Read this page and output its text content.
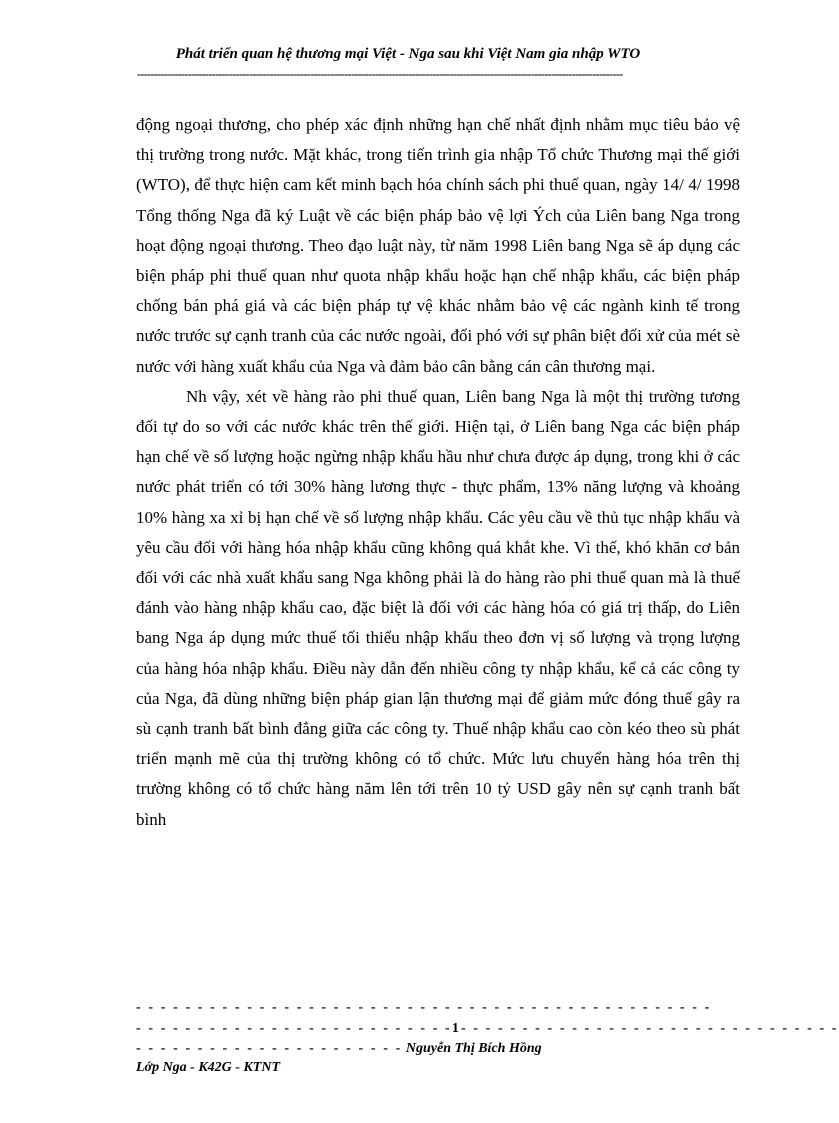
Phát triển quan hệ thương mại Việt - Nga sau khi Việt Nam gia nhập WTO
-----------------------------------------------------------------------------------------------------------------------------------------------

động ngoại thương, cho phép xác định những hạn chế nhất định nhằm mục tiêu bảo vệ thị trường trong nước. Mặt khác, trong tiến trình gia nhập Tổ chức Thương mại thế giới (WTO), để thực hiện cam kết minh bạch hóa chính sách phi thuế quan, ngày 14/ 4/ 1998 Tổng thống Nga đã ký Luật về các biện pháp bảo vệ lợi Ých của Liên bang Nga trong hoạt động ngoại thương. Theo đạo luật này, từ năm 1998 Liên bang Nga sẽ áp dụng các biện pháp phi thuế quan như quota nhập khẩu hoặc hạn chế nhập khẩu, các biện pháp chống bán phá giá và các biện pháp tự vệ khác nhằm bảo vệ các ngành kinh tế trong nước trước sự cạnh tranh của các nước ngoài, đối phó với sự phân biệt đối xử của mét sè nước với hàng xuất khẩu của Nga và đảm bảo cân bằng cán cân thương mại.

Nh vậy, xét về hàng rào phi thuế quan, Liên bang Nga là một thị trường tương đối tự do so với các nước khác trên thế giới. Hiện tại, ở Liên bang Nga các biện pháp hạn chế về số lượng hoặc ngừng nhập khẩu hầu như chưa được áp dụng, trong khi ở các nước phát triển có tới 30% hàng lương thực - thực phẩm, 13% năng lượng và khoảng 10% hàng xa xỉ bị hạn chế về số lượng nhập khẩu. Các yêu cầu về thủ tục nhập khẩu và yêu cầu đối với hàng hóa nhập khẩu cũng không quá khắt khe. Vì thế, khó khăn cơ bản đối với các nhà xuất khẩu sang Nga không phải là do hàng rào phi thuế quan mà là thuế đánh vào hàng nhập khẩu cao, đặc biệt là đối với các hàng hóa có giá trị thấp, do Liên bang Nga áp dụng mức thuế tối thiểu nhập khẩu theo đơn vị số lượng và trọng lượng của hàng hóa nhập khẩu. Điều này dẫn đến nhiều công ty nhập khẩu, kể cả các công ty của Nga, đã dùng những biện pháp gian lận thương mại để giảm mức đóng thuế gây ra sù cạnh tranh bất bình đẳng giữa các công ty. Thuế nhập khẩu cao còn kéo theo sù phát triển mạnh mẽ của thị trường không có tổ chức. Mức lưu chuyển hàng hóa trên thị trường không có tổ chức hàng năm lên tới trên 10 tỷ USD gây nên sự cạnh tranh bất bình

- - - - - - - - - - - - - - - - - - - - - - - - - - - - - - - - - - - - - - - - - - - - - - -
- - - - - - - - - - - - - - - - - - - - - - - - - -1- - - - - - - - - - - - - - - - - - - - - - - - - - - - - - -
- - - - - - - - - - - - - - - - - - - - - - Nguyễn Thị Bích Hồng
Lớp Nga - K42G - KTNT
